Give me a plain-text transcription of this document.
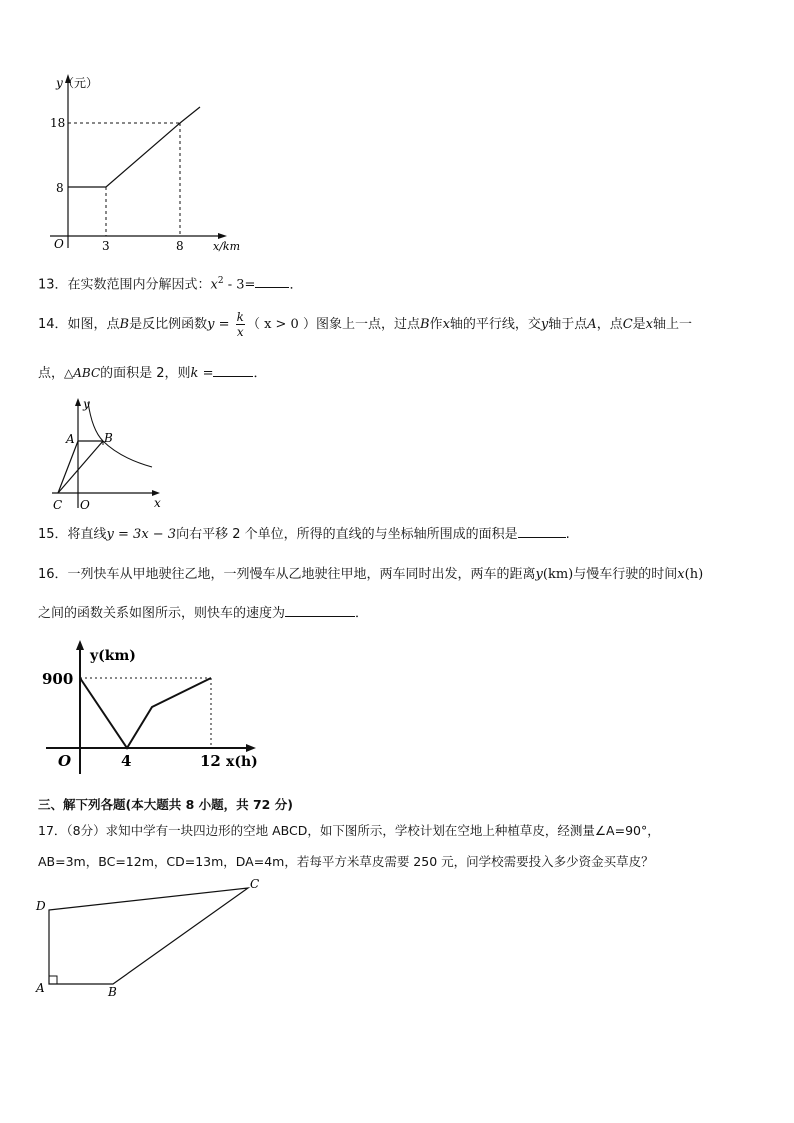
y （元）
18
8
O	3	8	x/km
13．在实数范围内分解因式：$x^2 - 3=$	．
14．如图，点B是反比例函数$y = \frac{k}{x}$ （ x > 0 ）图象上一点，过点B作x轴的平行线，交y轴于点A，点C是x轴上一
点，△ABC的面积是 2，则k =	．
y
A B
C O	x
15．将直线y = 3x − 3向右平移 2 个单位，所得的直线的与坐标轴所围成的面积是	.
16．一列快车从甲地驶往乙地，一列慢车从乙地驶往甲地，两车同时出发，两车的距离y(km)与慢车行驶的时间x(h)
之间的函数关系如图所示，则快车的速度为	．
y(km)
900
O	4	12 x(h)
三、解下列各题(本大题共 8 小题，共 72 分)
17．（8分）求知中学有一块四边形的空地 ABCD，如下图所示，学校计划在空地上种植草皮，经测量∠A=90°，
AB=3m，BC=12m，CD=13m，DA=4m，若每平方米草皮需要 250 元，问学校需要投入多少资金买草皮？
D
C
A	B
